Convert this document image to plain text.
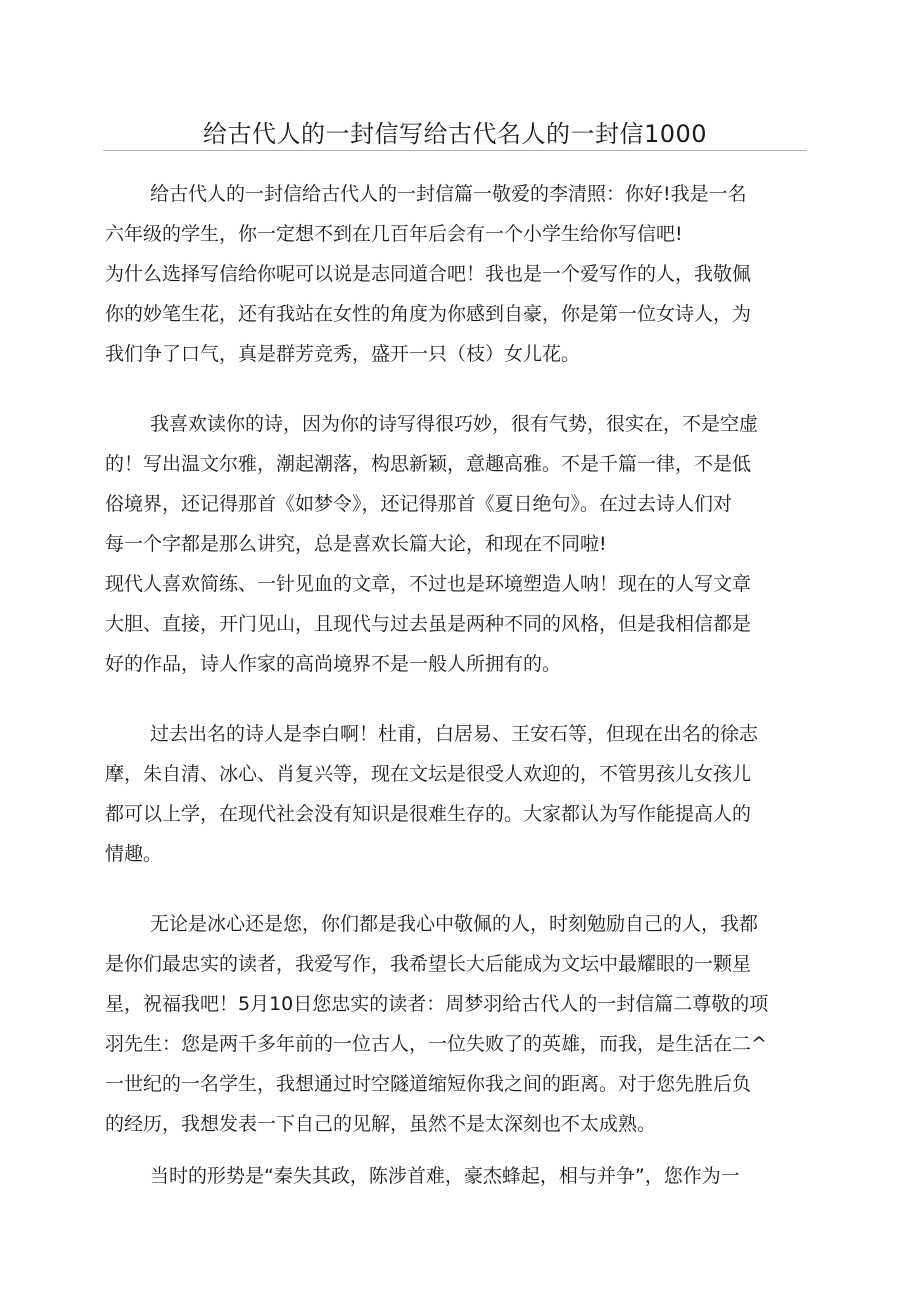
给古代人的一封信写给古代名人的一封信1000
给古代人的一封信给古代人的一封信篇一敬爱的李清照：你好!我是一名
六年级的学生，你一定想不到在几百年后会有一个小学生给你写信吧!
为什么选择写信给你呢可以说是志同道合吧！我也是一个爱写作的人，我敬佩
你的妙笔生花，还有我站在女性的角度为你感到自豪，你是第一位女诗人，为
我们争了口气，真是群芳竞秀，盛开一只（枝）女儿花。
我喜欢读你的诗，因为你的诗写得很巧妙，很有气势，很实在，不是空虚
的！写出温文尔雅，潮起潮落，构思新颖，意趣高雅。不是千篇一律，不是低
俗境界，还记得那首《如梦令》，还记得那首《夏日绝句》。在过去诗人们对
每一个字都是那么讲究，总是喜欢长篇大论，和现在不同啦!
现代人喜欢简练、一针见血的文章，不过也是环境塑造人呐！现在的人写文章
大胆、直接，开门见山，且现代与过去虽是两种不同的风格，但是我相信都是
好的作品，诗人作家的高尚境界不是一般人所拥有的。
过去出名的诗人是李白啊！杜甫，白居易、王安石等，但现在出名的徐志
摩，朱自清、冰心、肖复兴等，现在文坛是很受人欢迎的，不管男孩儿女孩儿
都可以上学，在现代社会没有知识是很难生存的。大家都认为写作能提高人的
情趣。
无论是冰心还是您，你们都是我心中敬佩的人，时刻勉励自己的人，我都
是你们最忠实的读者，我爱写作，我希望长大后能成为文坛中最耀眼的一颗星
星，祝福我吧！5月10日您忠实的读者：周梦羽给古代人的一封信篇二尊敬的项
羽先生：您是两千多年前的一位古人，一位失败了的英雄，而我，是生活在二^
一世纪的一名学生，我想通过时空隧道缩短你我之间的距离。对于您先胜后负
的经历，我想发表一下自己的见解，虽然不是太深刻也不太成熟。
当时的形势是“秦失其政，陈涉首难，豪杰蜂起，相与并争”，您作为一
